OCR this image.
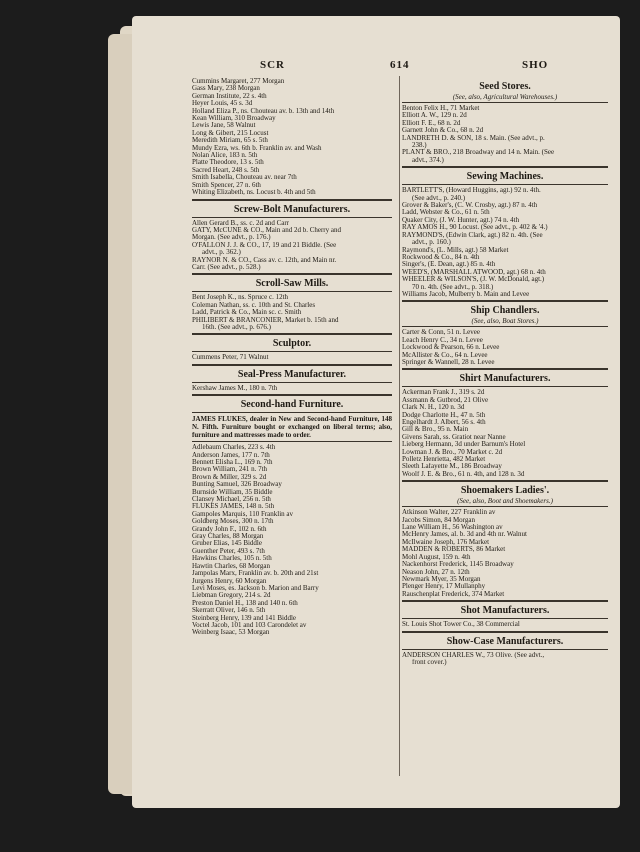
SCR	614	SHO
Cummins Margaret, 277 Morgan
Gass Mary, 238 Morgan
German Institute, 22 s. 4th
Heyer Louis, 45 s. 3d
Holland Eliza P., ns. Chouteau av. b. 13th and 14th
Kean William, 310 Broadway
Lewis Jane, 58 Walnut
Long & Gibert, 215 Locust
Meredith Miriam, 65 s. 5th
Mundy Ezra, ws. 6th b. Franklin av. and Wash
Nolan Alice, 183 n. 5th
Platte Theodore, 13 s. 5th
Sacred Heart, 248 s. 5th
Smith Isabella, Chouteau av. near 7th
Smith Spencer, 27 n. 6th
Whiting Elizabeth, ns. Locust b. 4th and 5th
Screw-Bolt Manufacturers.
Allen Gerard B., ss. c. 2d and Carr
GATY, McCUNE & CO., Main and 2d b. Cherry and
Morgan. (See advt., p. 176.)
O'FALLON J. J. & CO., 17, 19 and 21 Biddle. (See
advt., p. 362.)
RAYNOR N. & CO., Cass av. c. 12th, and Main nr.
Carr. (See advt., p. 528.)
Scroll-Saw Mills.
Bent Joseph K., ns. Spruce c. 12th
Coleman Nathan, ss. c. 10th and St. Charles
Ladd, Patrick & Co., Main sc. c. Smith
PHILIBERT & BRANCONIER, Market b. 15th and
16th. (See advt., p. 676.)
Sculptor.
Cummens Peter, 71 Walnut
Seal-Press Manufacturer.
Kershaw James M., 180 n. 7th
Second-hand Furniture.
JAMES FLUKES, dealer in New and Second-hand Furniture, 148 N. Fifth. Furniture bought or exchanged on liberal terms; also, furniture and mattresses made to order.
Adlebaum Charles, 223 s. 4th
Anderson James, 177 n. 7th
Bennett Elisha L., 169 n. 7th
Brown William, 241 n. 7th
Brown & Miller, 329 s. 2d
Bunting Samuel, 326 Broadway
Burnside William, 35 Biddle
Clansey Michael, 256 n. 5th
FLUKES JAMES, 148 n. 5th
Gampoles Marquis, 110 Franklin av
Goldberg Moses, 300 n. 17th
Grandy John F., 102 n. 6th
Gray Charles, 88 Morgan
Gruber Elias, 145 Biddle
Guenther Peter, 493 s. 7th
Hawkins Charles, 105 n. 5th
Hawtin Charles, 68 Morgan
Jampolas Marx, Franklin av. b. 20th and 21st
Jurgens Henry, 60 Morgan
Levi Moses, es. Jackson b. Marion and Barry
Liebman Gregory, 214 s. 2d
Preston Daniel H., 138 and 140 n. 6th
Skerratt Oliver, 146 n. 5th
Steinberg Henry, 139 and 141 Biddle
Voctel Jacob, 101 and 103 Carondelet av
Weinberg Isaac, 53 Morgan
Seed Stores.
(See, also, Agricultural Warehouses.)
Benton Felix H., 71 Market
Elliott A. W., 129 n. 2d
Elliott F. E., 68 n. 2d
Garnett John & Co., 68 n. 2d
LANDRETH D. & SON, 18 s. Main. (See advt., p.
238.)
PLANT & BRO., 218 Broadway and 14 n. Main. (See
advt., 374.)
Sewing Machines.
BARTLETT'S, (Howard Huggins, agt.) 92 n. 4th.
(See advt., p. 240.)
Grover & Baker's, (C. W. Crosby, agt.) 87 n. 4th
Ladd, Webster & Co., 61 n. 5th
Quaker City, (J. W. Hunter, agt.) 74 n. 4th
RAY AMOS H., 90 Locust. (See advt., p. 402 & '4.)
RAYMOND'S, (Edwin Clark, agt.) 82 n. 4th. (See
advt., p. 160.)
Raymond's, (L. Mills, agt.) 58 Market
Rockwood & Co., 84 n. 4th
Singer's, (E. Dean, agt.) 85 n. 4th
WEED'S, (MARSHALL ATWOOD, agt.) 68 n. 4th
WHEELER & WILSON'S, (J. W. McDonald, agt.)
70 n. 4th. (See advt., p. 318.)
Williams Jacob, Mulberry b. Main and Levee
Ship Chandlers.
(See, also, Boat Stores.)
Carter & Conn, 51 n. Levee
Leach Henry C., 34 n. Levee
Lockwood & Pearson, 66 n. Levee
McAllister & Co., 64 n. Levee
Springer & Wannell, 28 n. Levee
Shirt Manufacturers.
Ackerman Frank J., 319 s. 2d
Assmann & Gutbrod, 21 Olive
Clark N. H., 120 n. 3d
Dodge Charlotte H., 47 n. 5th
Engelhardt J. Albert, 56 s. 4th
Gill & Bro., 95 n. Main
Givens Sarah, ss. Gratiot near Nanne
Lieberg Hermann, 3d under Barnum's Hotel
Lowman J. & Bro., 70 Market c. 2d
Polletz Henrietta, 482 Market
Sleeth Lafayette M., 186 Broadway
Woolf J. E. & Bro., 61 n. 4th, and 128 n. 3d
Shoemakers Ladies'.
(See, also, Boot and Shoemakers.)
Atkinson Walter, 227 Franklin av
Jacobs Simon, 84 Morgan
Lane William H., 56 Washington av
McHenry James, al. b. 3d and 4th nr. Walnut
McIlwaine Joseph, 176 Market
MADDEN & ROBERTS, 86 Market
Mohl August, 159 n. 4th
Nackenhorst Frederick, 1145 Broadway
Neason John, 27 n. 12th
Newmark Myer, 35 Morgan
Plenger Henry, 17 Mullanphy
Rauschenplat Frederick, 374 Market
Shot Manufacturers.
St. Louis Shot Tower Co., 38 Commercial
Show-Case Manufacturers.
ANDERSON CHARLES W., 73 Olive. (See advt.,
front cover.)
